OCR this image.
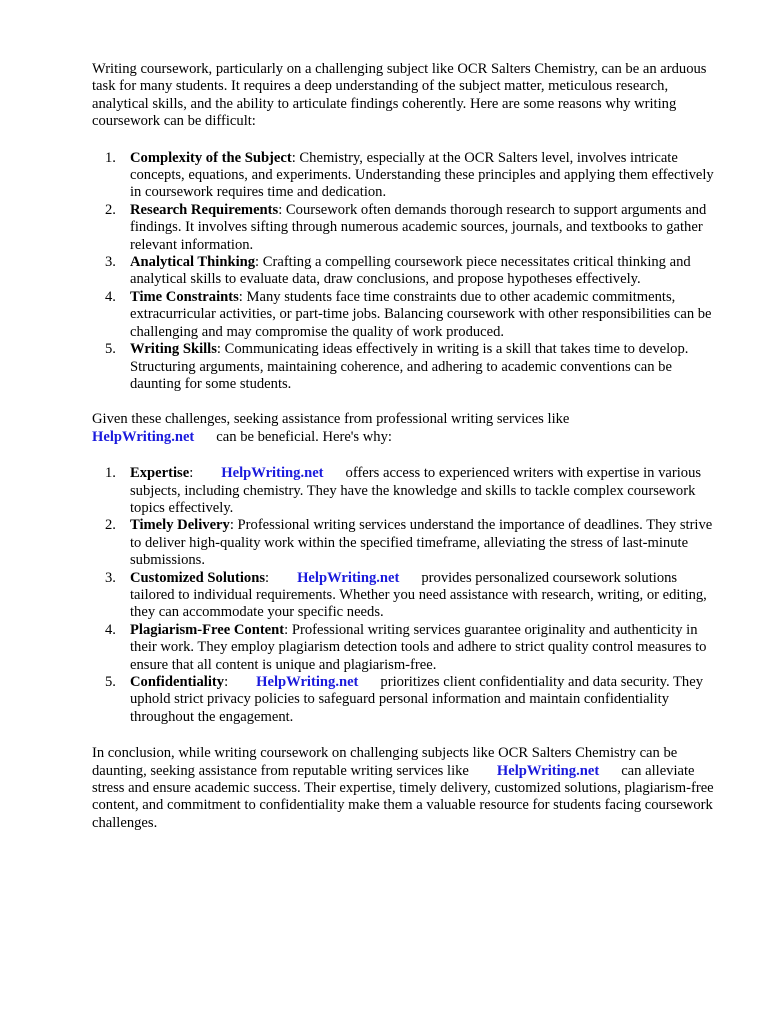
Writing coursework, particularly on a challenging subject like OCR Salters Chemistry, can be an arduous task for many students. It requires a deep understanding of the subject matter, meticulous research, analytical skills, and the ability to articulate findings coherently. Here are some reasons why writing coursework can be difficult:

1. Complexity of the Subject: Chemistry, especially at the OCR Salters level, involves intricate concepts, equations, and experiments. Understanding these principles and applying them effectively in coursework requires time and dedication.
2. Research Requirements: Coursework often demands thorough research to support arguments and findings. It involves sifting through numerous academic sources, journals, and textbooks to gather relevant information.
3. Analytical Thinking: Crafting a compelling coursework piece necessitates critical thinking and analytical skills to evaluate data, draw conclusions, and propose hypotheses effectively.
4. Time Constraints: Many students face time constraints due to other academic commitments, extracurricular activities, or part-time jobs. Balancing coursework with other responsibilities can be challenging and may compromise the quality of work produced.
5. Writing Skills: Communicating ideas effectively in writing is a skill that takes time to develop. Structuring arguments, maintaining coherence, and adhering to academic conventions can be daunting for some students.

Given these challenges, seeking assistance from professional writing services like
HelpWriting.net can be beneficial. Here's why:

1. Expertise: HelpWriting.net offers access to experienced writers with expertise in various subjects, including chemistry. They have the knowledge and skills to tackle complex coursework topics effectively.
2. Timely Delivery: Professional writing services understand the importance of deadlines. They strive to deliver high-quality work within the specified timeframe, alleviating the stress of last-minute submissions.
3. Customized Solutions: HelpWriting.net provides personalized coursework solutions tailored to individual requirements. Whether you need assistance with research, writing, or editing, they can accommodate your specific needs.
4. Plagiarism-Free Content: Professional writing services guarantee originality and authenticity in their work. They employ plagiarism detection tools and adhere to strict quality control measures to ensure that all content is unique and plagiarism-free.
5. Confidentiality: HelpWriting.net prioritizes client confidentiality and data security. They uphold strict privacy policies to safeguard personal information and maintain confidentiality throughout the engagement.

In conclusion, while writing coursework on challenging subjects like OCR Salters Chemistry can be daunting, seeking assistance from reputable writing services like HelpWriting.net can alleviate stress and ensure academic success. Their expertise, timely delivery, customized solutions, plagiarism-free content, and commitment to confidentiality make them a valuable resource for students facing coursework challenges.
